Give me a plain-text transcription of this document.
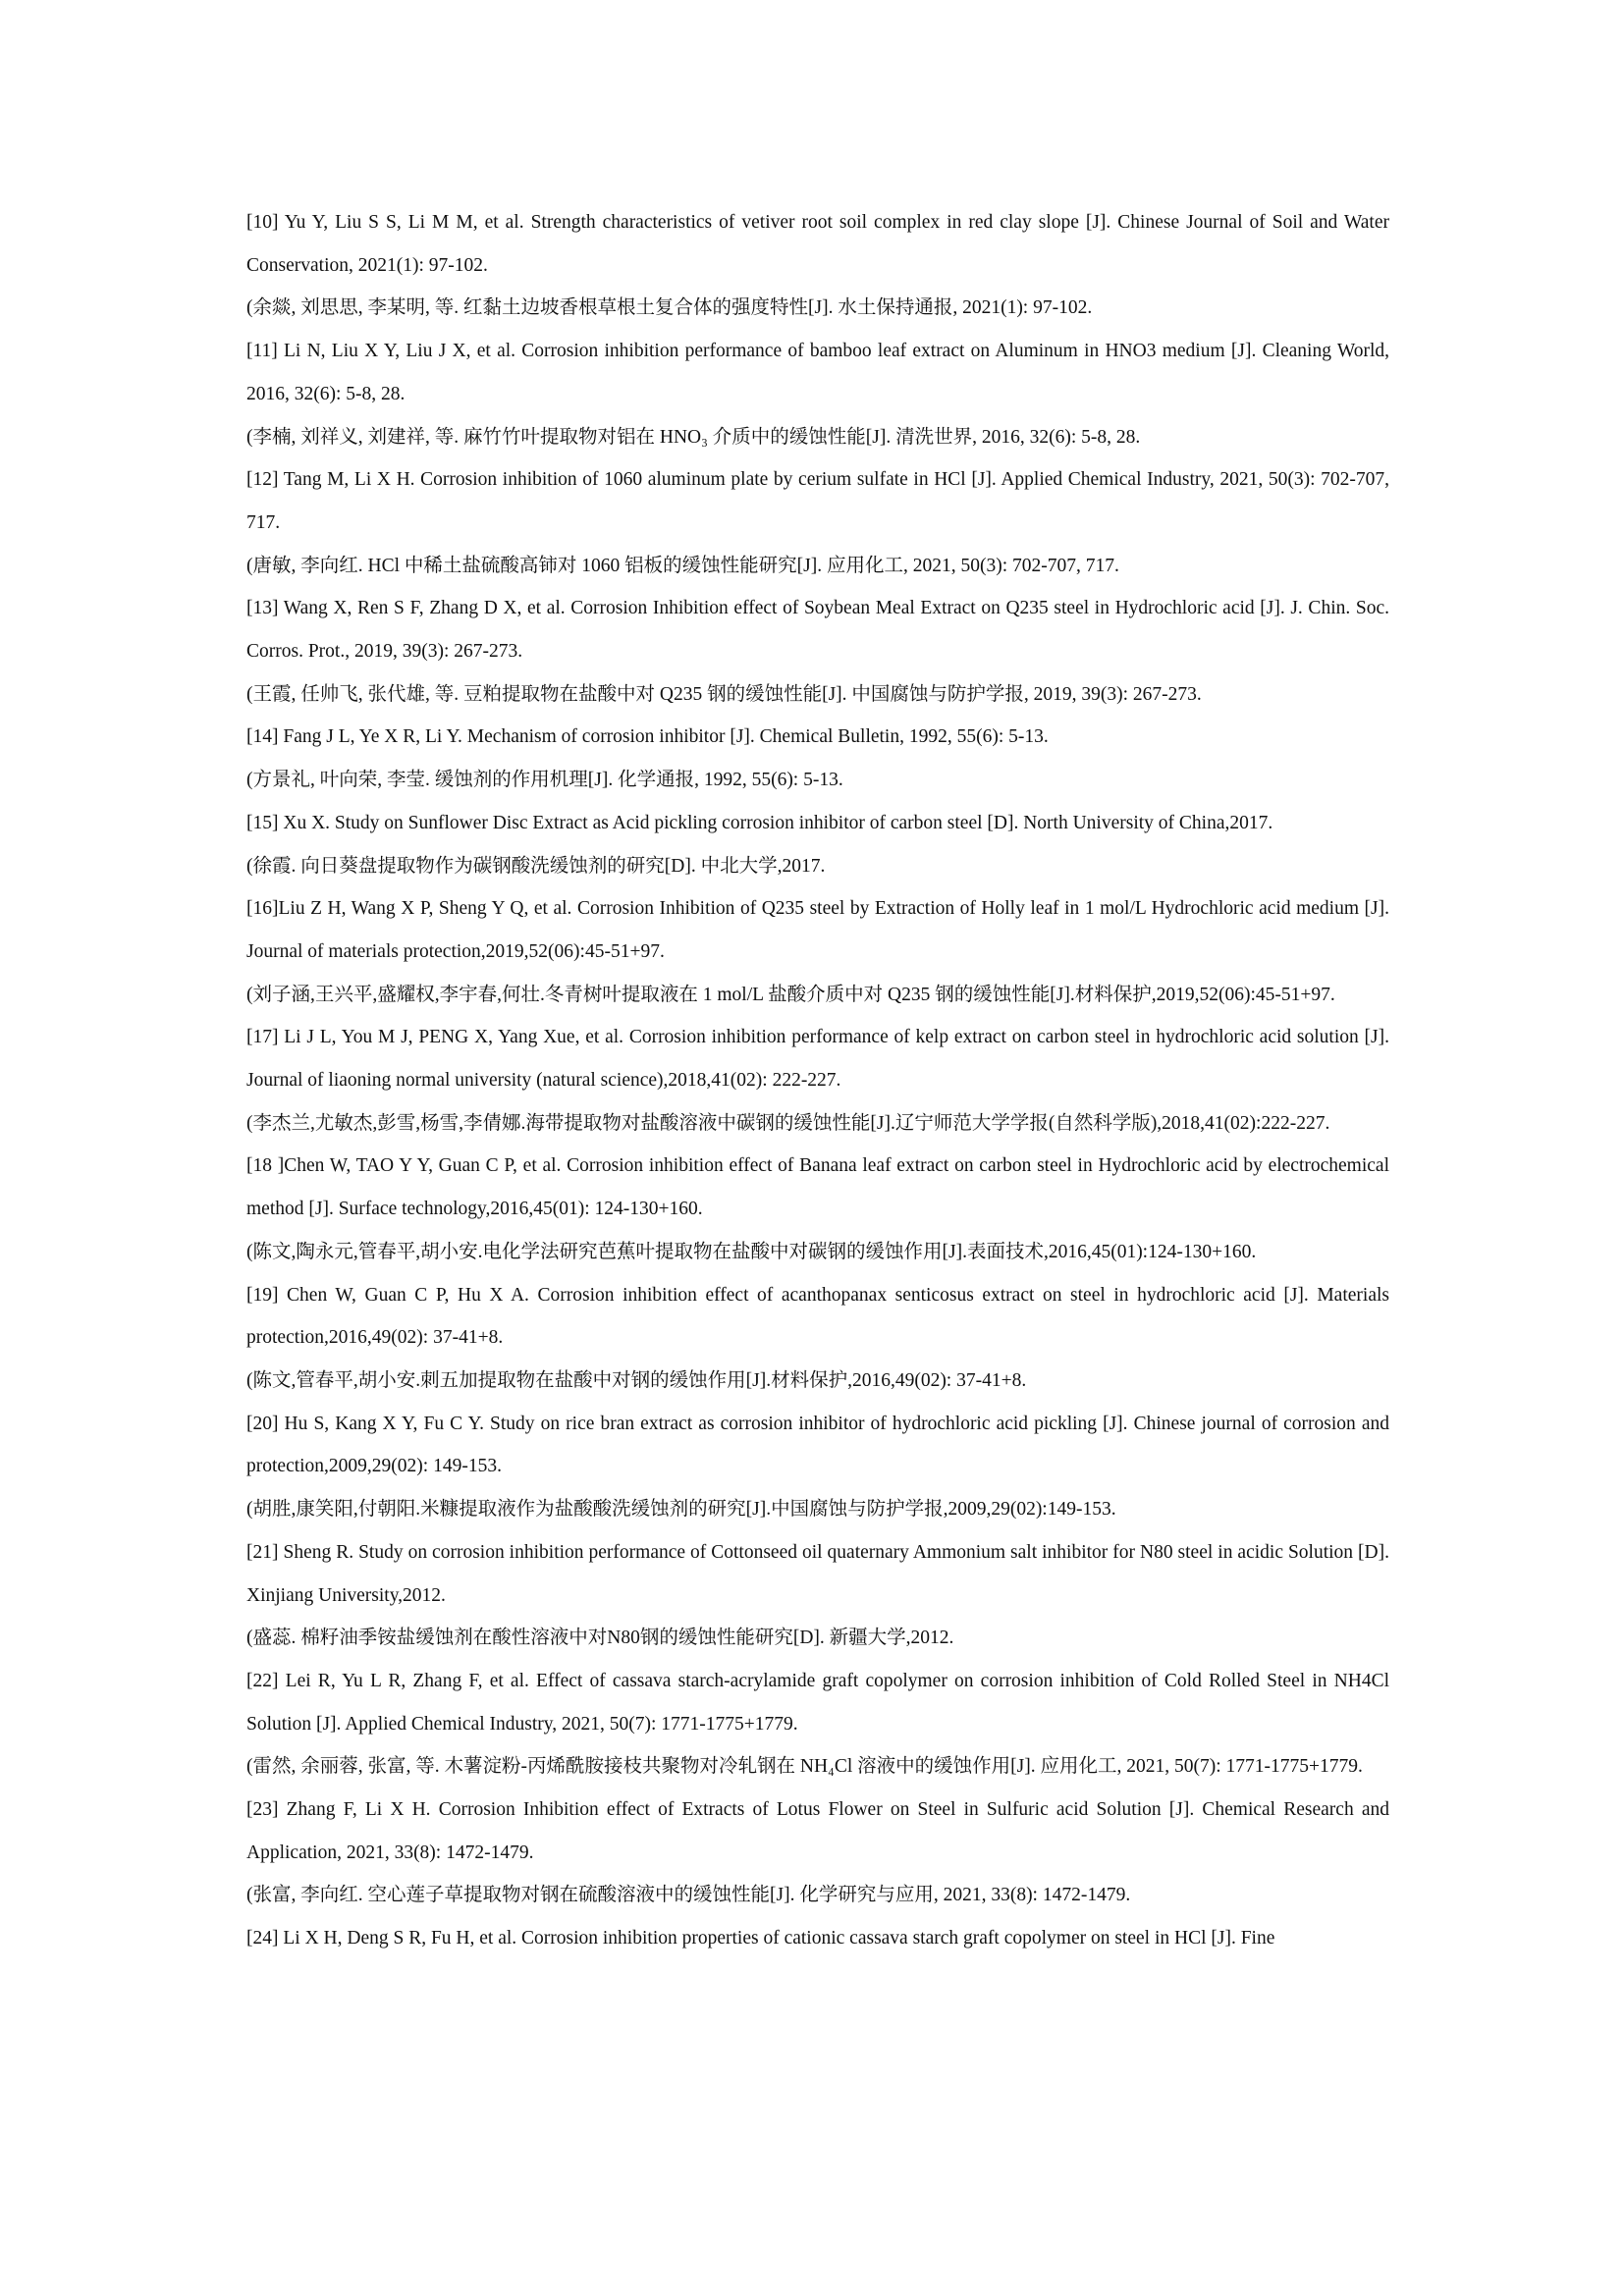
[10] Yu Y, Liu S S, Li M M, et al. Strength characteristics of vetiver root soil complex in red clay slope [J]. Chinese Journal of Soil and Water Conservation, 2021(1): 97-102.
(余燚, 刘思思, 李某明, 等. 红黏土边坡香根草根土复合体的强度特性[J]. 水土保持通报, 2021(1): 97-102.
[11] Li N, Liu X Y, Liu J X, et al. Corrosion inhibition performance of bamboo leaf extract on Aluminum in HNO3 medium [J]. Cleaning World, 2016, 32(6): 5-8, 28.
(李楠, 刘祥义, 刘建祥, 等. 麻竹竹叶提取物对铝在 HNO₃ 介质中的缓蚀性能[J]. 清洗世界, 2016, 32(6): 5-8, 28.
[12] Tang M, Li X H. Corrosion inhibition of 1060 aluminum plate by cerium sulfate in HCl [J]. Applied Chemical Industry, 2021, 50(3): 702-707, 717.
(唐敏, 李向红. HCl 中稀土盐硫酸高铈对 1060 铝板的缓蚀性能研究[J]. 应用化工, 2021, 50(3): 702-707, 717.
[13] Wang X, Ren S F, Zhang D X, et al. Corrosion Inhibition effect of Soybean Meal Extract on Q235 steel in Hydrochloric acid [J]. J. Chin. Soc. Corros. Prot., 2019, 39(3): 267-273.
(王霞, 任帅飞, 张代雄, 等. 豆粕提取物在盐酸中对 Q235 钢的缓蚀性能[J]. 中国腐蚀与防护学报, 2019, 39(3): 267-273.
[14] Fang J L, Ye X R, Li Y. Mechanism of corrosion inhibitor [J]. Chemical Bulletin, 1992, 55(6): 5-13.
(方景礼, 叶向荣, 李莹. 缓蚀剂的作用机理[J]. 化学通报, 1992, 55(6): 5-13.
[15] Xu X. Study on Sunflower Disc Extract as Acid pickling corrosion inhibitor of carbon steel [D]. North University of China,2017.
(徐霞. 向日葵盘提取物作为碳钢酸洗缓蚀剂的研究[D]. 中北大学,2017.
[16]Liu Z H, Wang X P, Sheng Y Q, et al. Corrosion Inhibition of Q235 steel by Extraction of Holly leaf in 1 mol/L Hydrochloric acid medium [J]. Journal of materials protection,2019,52(06):45-51+97.
(刘子涵,王兴平,盛耀权,李宇春,何壮.冬青树叶提取液在 1 mol/L 盐酸介质中对 Q235 钢的缓蚀性能[J].材料保护,2019,52(06):45-51+97.
[17] Li J L, You M J, PENG X, Yang Xue, et al. Corrosion inhibition performance of kelp extract on carbon steel in hydrochloric acid solution [J]. Journal of liaoning normal university (natural science),2018,41(02): 222-227.
(李杰兰,尤敏杰,彭雪,杨雪,李倩娜.海带提取物对盐酸溶液中碳钢的缓蚀性能[J].辽宁师范大学学报(自然科学版),2018,41(02):222-227.
[18 ]Chen W, TAO Y Y, Guan C P, et al. Corrosion inhibition effect of Banana leaf extract on carbon steel in Hydrochloric acid by electrochemical method [J]. Surface technology,2016,45(01): 124-130+160.
(陈文,陶永元,管春平,胡小安.电化学法研究芭蕉叶提取物在盐酸中对碳钢的缓蚀作用[J].表面技术,2016,45(01):124-130+160.
[19] Chen W, Guan C P, Hu X A. Corrosion inhibition effect of acanthopanax senticosus extract on steel in hydrochloric acid [J]. Materials protection,2016,49(02): 37-41+8.
(陈文,管春平,胡小安.刺五加提取物在盐酸中对钢的缓蚀作用[J].材料保护,2016,49(02): 37-41+8.
[20] Hu S, Kang X Y, Fu C Y. Study on rice bran extract as corrosion inhibitor of hydrochloric acid pickling [J]. Chinese journal of corrosion and protection,2009,29(02): 149-153.
(胡胜,康笑阳,付朝阳.米糠提取液作为盐酸酸洗缓蚀剂的研究[J].中国腐蚀与防护学报,2009,29(02):149-153.
[21] Sheng R. Study on corrosion inhibition performance of Cottonseed oil quaternary Ammonium salt inhibitor for N80 steel in acidic Solution [D]. Xinjiang University,2012.
(盛蕊. 棉籽油季铵盐缓蚀剂在酸性溶液中对N80钢的缓蚀性能研究[D]. 新疆大学,2012.
[22] Lei R, Yu L R, Zhang F, et al. Effect of cassava starch-acrylamide graft copolymer on corrosion inhibition of Cold Rolled Steel in NH4Cl Solution [J]. Applied Chemical Industry, 2021, 50(7): 1771-1775+1779.
(雷然, 余丽蓉, 张富, 等. 木薯淀粉-丙烯酰胺接枝共聚物对冷轧钢在 NH₄Cl 溶液中的缓蚀作用[J]. 应用化工, 2021, 50(7): 1771-1775+1779.
[23] Zhang F, Li X H. Corrosion Inhibition effect of Extracts of Lotus Flower on Steel in Sulfuric acid Solution [J]. Chemical Research and Application, 2021, 33(8): 1472-1479.
(张富, 李向红. 空心莲子草提取物对钢在硫酸溶液中的缓蚀性能[J]. 化学研究与应用, 2021, 33(8): 1472-1479.
[24] Li X H, Deng S R, Fu H, et al. Corrosion inhibition properties of cationic cassava starch graft copolymer on steel in HCl [J]. Fine
